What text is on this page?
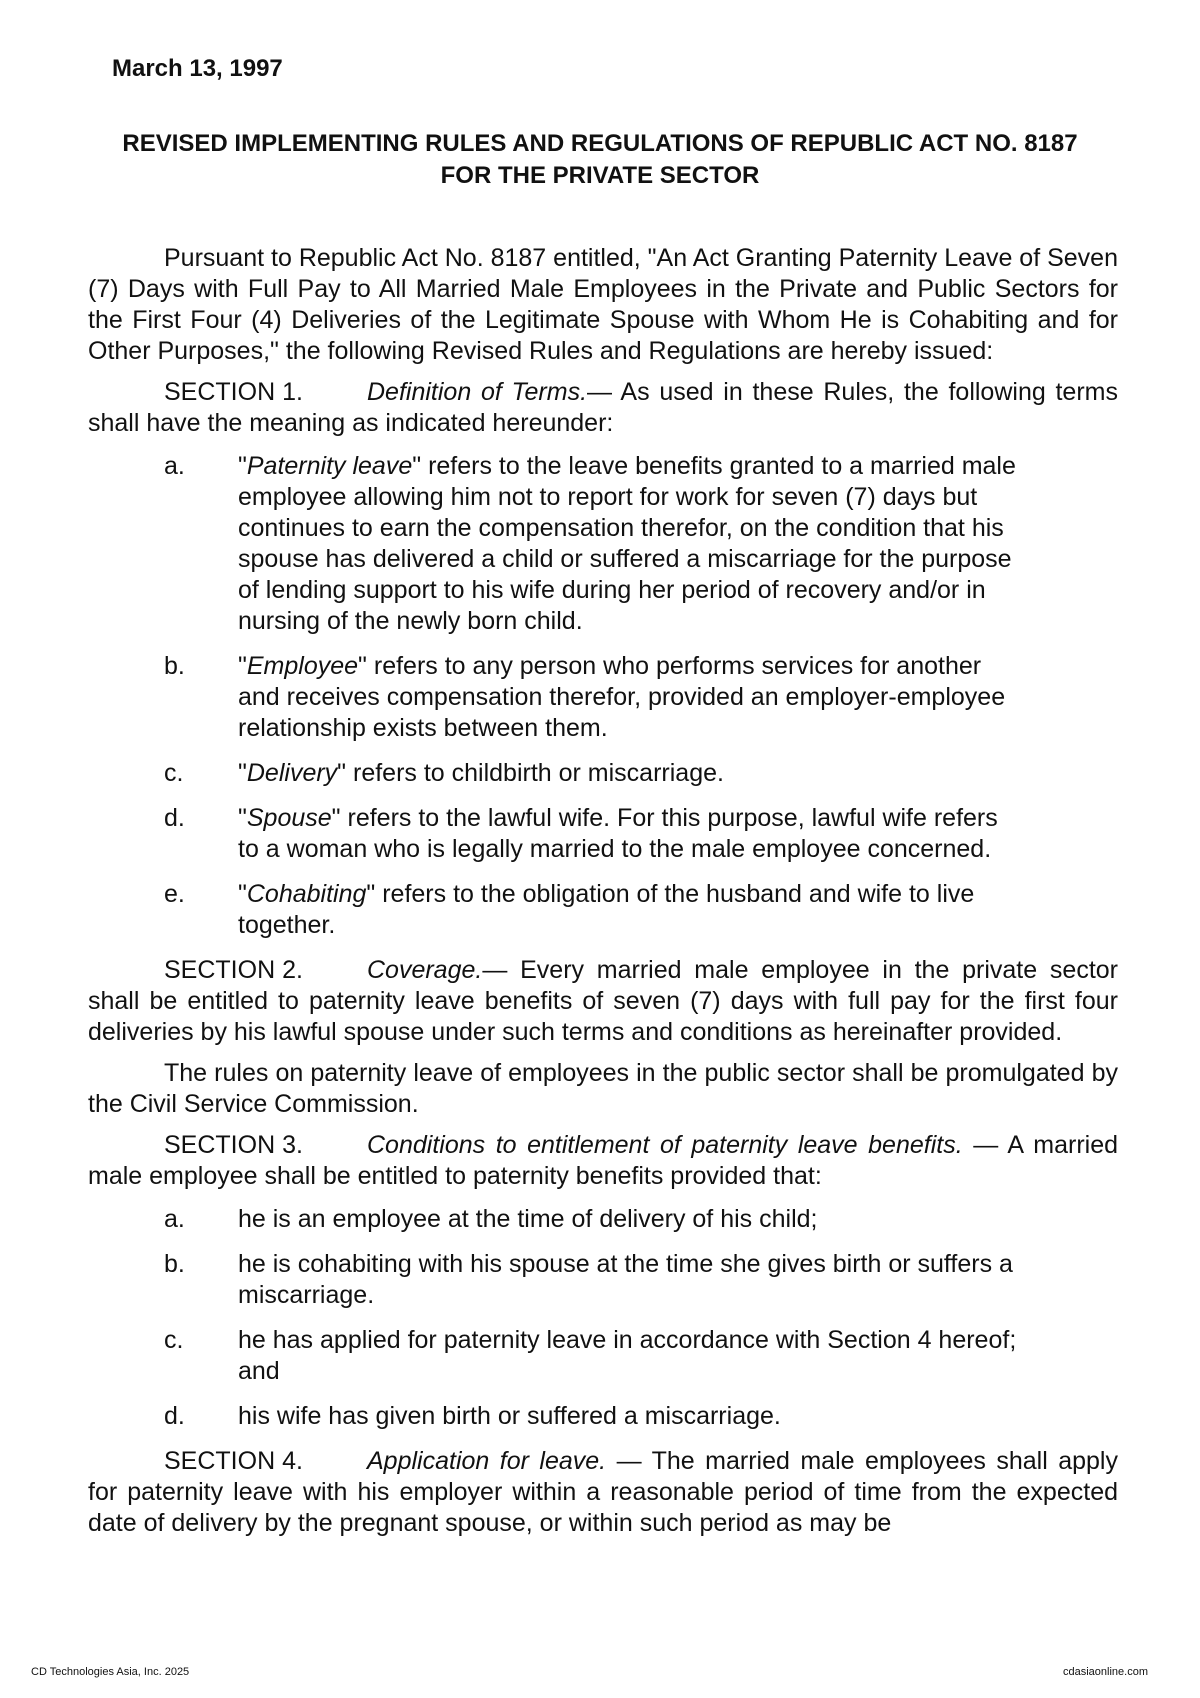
March 13, 1997
REVISED IMPLEMENTING RULES AND REGULATIONS OF REPUBLIC ACT NO. 8187
FOR THE PRIVATE SECTOR

Pursuant to Republic Act No. 8187 entitled, "An Act Granting Paternity Leave of Seven (7) Days with Full Pay to All Married Male Employees in the Private and Public Sectors for the First Four (4) Deliveries of the Legitimate Spouse with Whom He is Cohabiting and for Other Purposes," the following Revised Rules and Regulations are hereby issued:

SECTION 1.	Definition of Terms.— As used in these Rules, the following terms shall have the meaning as indicated hereunder:

a. "Paternity leave" refers to the leave benefits granted to a married male employee allowing him not to report for work for seven (7) days but continues to earn the compensation therefor, on the condition that his spouse has delivered a child or suffered a miscarriage for the purpose of lending support to his wife during her period of recovery and/or in nursing of the newly born child.
b. "Employee" refers to any person who performs services for another and receives compensation therefor, provided an employer-employee relationship exists between them.
c. "Delivery" refers to childbirth or miscarriage.
d. "Spouse" refers to the lawful wife. For this purpose, lawful wife refers to a woman who is legally married to the male employee concerned.
e. "Cohabiting" refers to the obligation of the husband and wife to live together.

SECTION 2.	Coverage.— Every married male employee in the private sector shall be entitled to paternity leave benefits of seven (7) days with full pay for the first four deliveries by his lawful spouse under such terms and conditions as hereinafter provided.

The rules on paternity leave of employees in the public sector shall be promulgated by the Civil Service Commission.

SECTION 3.	Conditions to entitlement of paternity leave benefits. — A married male employee shall be entitled to paternity benefits provided that:

a. he is an employee at the time of delivery of his child;
b. he is cohabiting with his spouse at the time she gives birth or suffers a miscarriage.
c. he has applied for paternity leave in accordance with Section 4 hereof; and
d. his wife has given birth or suffered a miscarriage.

SECTION 4.	Application for leave. — The married male employees shall apply for paternity leave with his employer within a reasonable period of time from the expected date of delivery by the pregnant spouse, or within such period as may be

CD Technologies Asia, Inc. 2025	cdasiaonline.com
